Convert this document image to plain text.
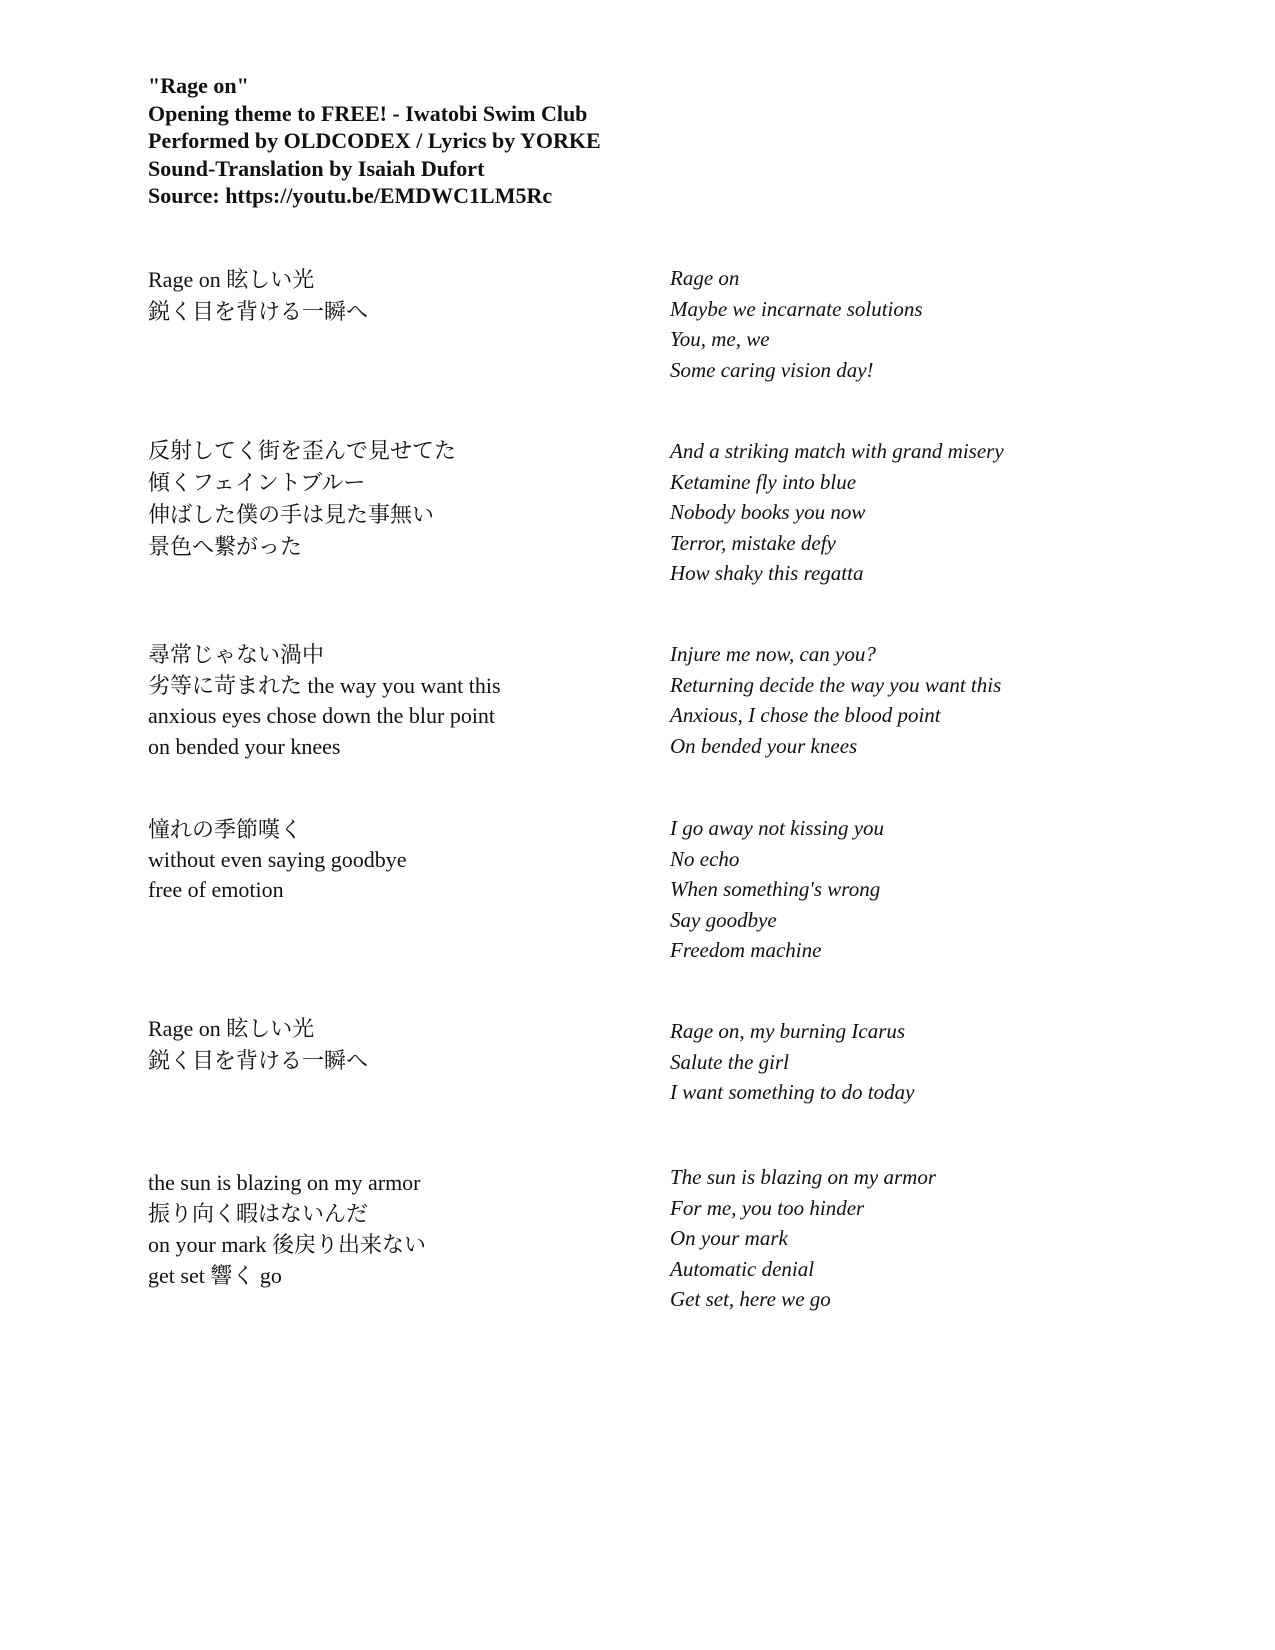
"Rage on"
Opening theme to FREE! - Iwatobi Swim Club
Performed by OLDCODEX / Lyrics by YORKE
Sound-Translation by Isaiah Dufort
Source: https://youtu.be/EMDWC1LM5Rc
Rage on 眩しい光
鋭く目を背ける一瞬へ
Rage on
Maybe we incarnate solutions
You, me, we
Some caring vision day!
反射してく街を歪んで見せてた
傾くフェイントブルー
伸ばした僕の手は見た事無い
景色へ繋がった
And a striking match with grand misery
Ketamine fly into blue
Nobody books you now
Terror, mistake defy
How shaky this regatta
尋常じゃない渦中
劣等に苛まれた the way you want this
anxious eyes chose down the blur point
on bended your knees
Injure me now, can you?
Returning decide the way you want this
Anxious, I chose the blood point
On bended your knees
憧れの季節嘆く
without even saying goodbye
free of emotion
I go away not kissing you
No echo
When something's wrong
Say goodbye
Freedom machine
Rage on 眩しい光
鋭く目を背ける一瞬へ
Rage on, my burning Icarus
Salute the girl
I want something to do today
the sun is blazing on my armor
振り向く暇はないんだ
on your mark 後戻り出来ない
get set 響く go
The sun is blazing on my armor
For me, you too hinder
On your mark
Automatic denial
Get set, here we go
